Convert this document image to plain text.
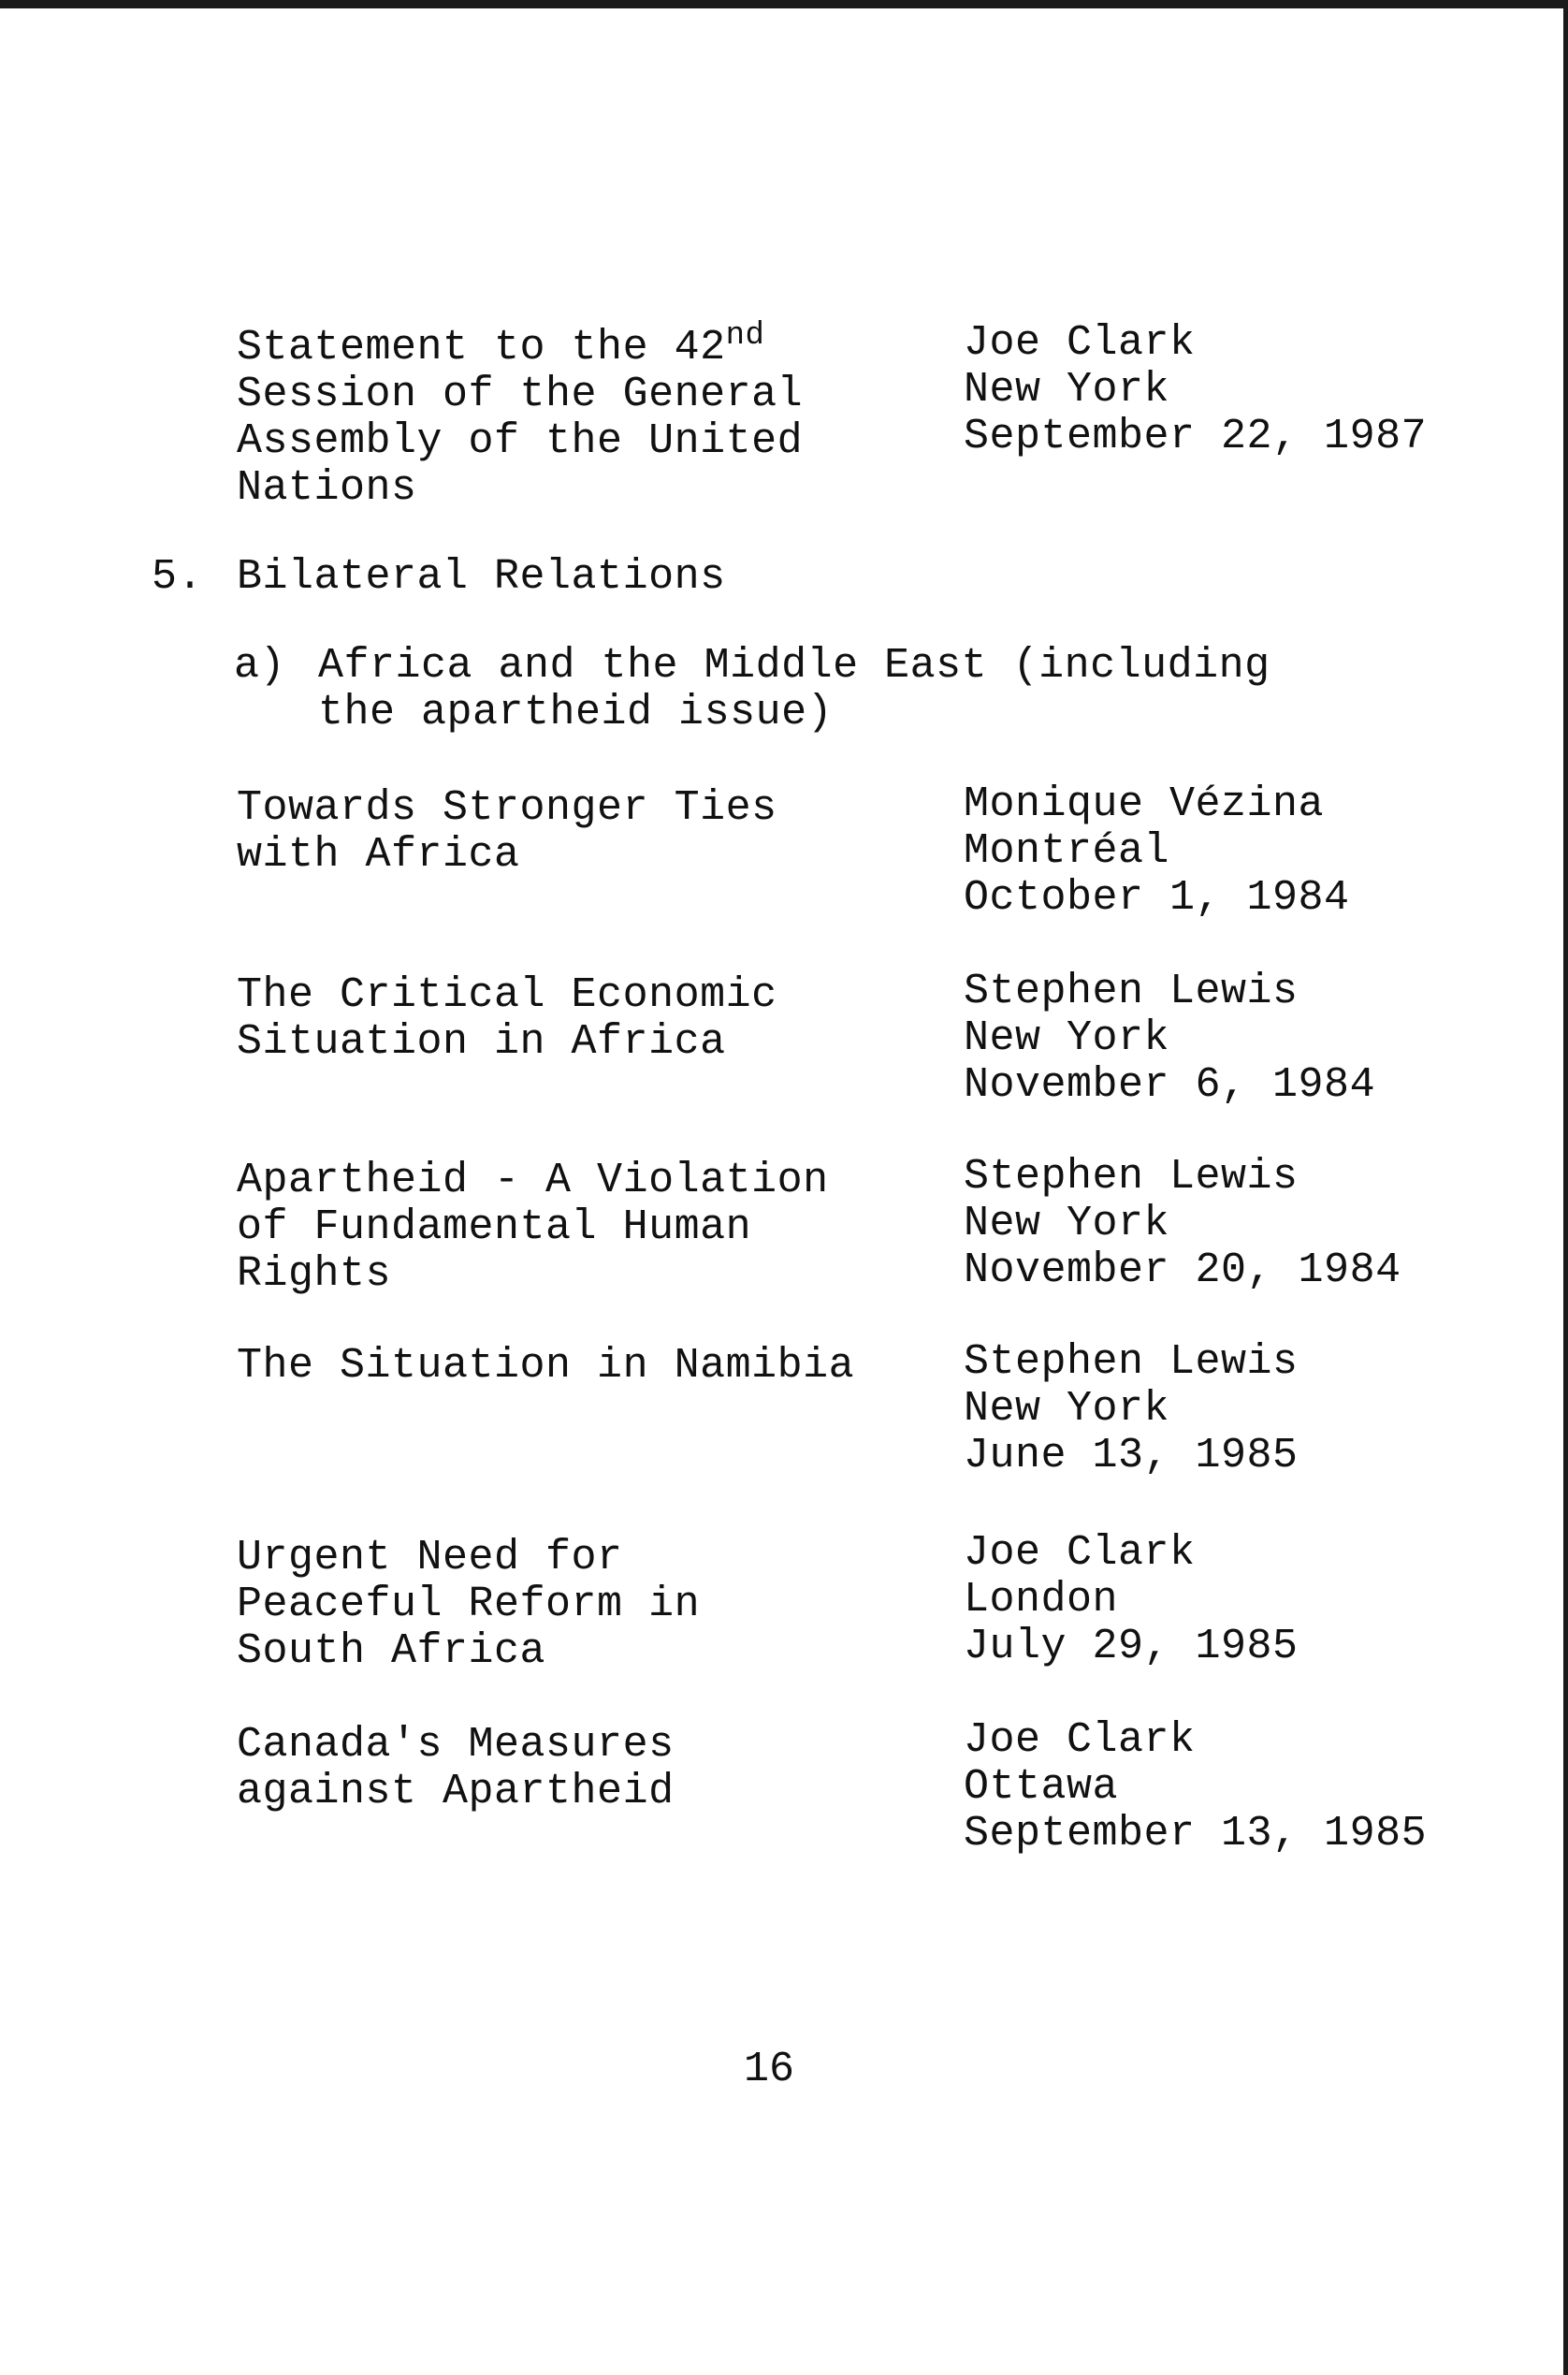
Statement to the 42nd
Session of the General
Assembly of the United
Nations
Joe Clark
New York
September 22, 1987
5. Bilateral Relations
a) Africa and the Middle East (including
the apartheid issue)
Towards Stronger Ties
with Africa
Monique Vézina
Montréal
October 1, 1984
The Critical Economic
Situation in Africa
Stephen Lewis
New York
November 6, 1984
Apartheid - A Violation
of Fundamental Human
Rights
Stephen Lewis
New York
November 20, 1984
The Situation in Namibia	Stephen Lewis
New York
June 13, 1985
Urgent Need for
Peaceful Reform in
South Africa
Joe Clark
London
July 29, 1985
Canada's Measures
against Apartheid
Joe Clark
Ottawa
September 13, 1985
16
